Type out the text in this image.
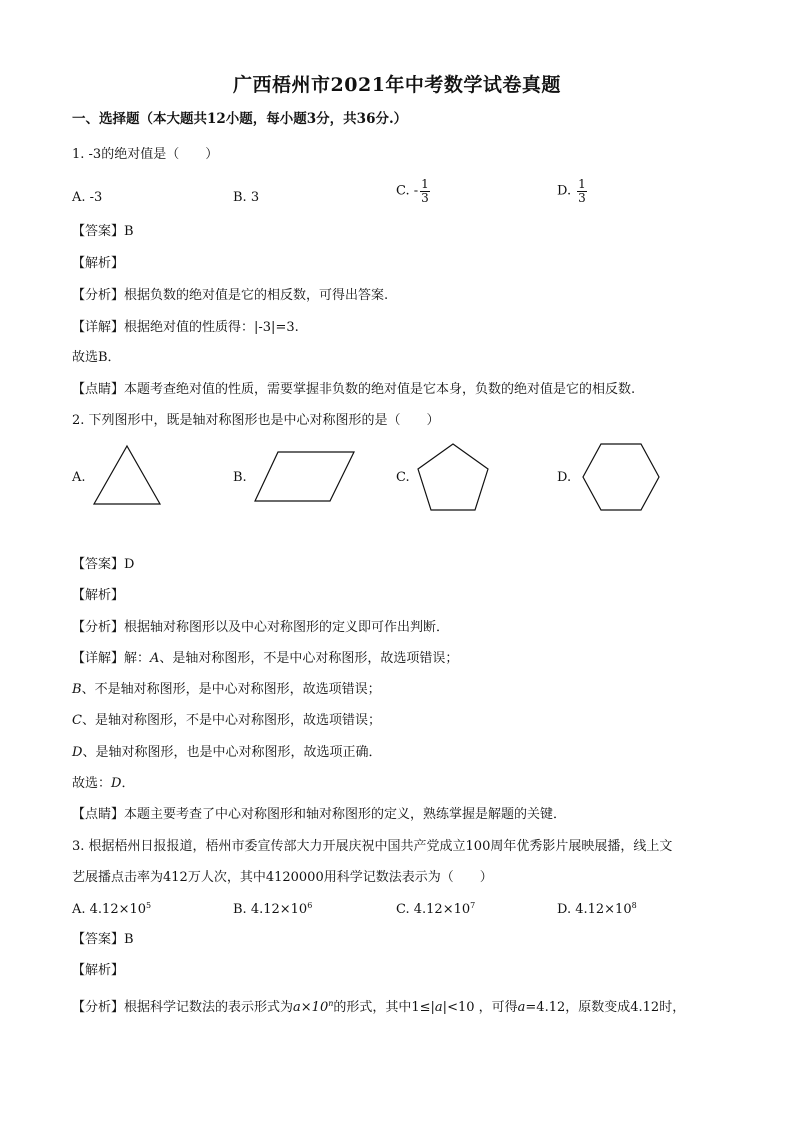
广西梧州市2021年中考数学试卷真题
一、选择题（本大题共12小题，每小题3分，共36分.）
1. -3的绝对值是（　　）
A. -3	B. 3	C. - $\frac{1}{3}$	D. $\frac{1}{3}$
【答案】B
【解析】
【分析】根据负数的绝对值是它的相反数，可得出答案.
【详解】根据绝对值的性质得：|-3|=3.
故选B．
【点睛】本题考查绝对值的性质，需要掌握非负数的绝对值是它本身，负数的绝对值是它的相反数.
2. 下列图形中，既是轴对称图形也是中心对称图形的是（　　）
A.	B.	C.	D.
【答案】D
【解析】
【分析】根据轴对称图形以及中心对称图形的定义即可作出判断．
【详解】解：A、是轴对称图形，不是中心对称图形，故选项错误；
B、不是轴对称图形，是中心对称图形，故选项错误；
C、是轴对称图形，不是中心对称图形，故选项错误；
D、是轴对称图形，也是中心对称图形，故选项正确．
故选：D．
【点睛】本题主要考查了中心对称图形和轴对称图形的定义，熟练掌握是解题的关键．
3. 根据梧州日报报道，梧州市委宣传部大力开展庆祝中国共产党成立100周年优秀影片展映展播，线上文
艺展播点击率为412万人次，其中4120000用科学记数法表示为（　　）
A. $4.12\times 10^5$	B. $4.12\times 10^6$	C. $4.12\times 10^7$	D. $4.12\times 10^8$
【答案】B
【解析】
【分析】根据科学记数法的表示形式为$a\times 10^n$的形式，其中1≤|a|<10 ，可得a=4.12，原数变成4.12时，
